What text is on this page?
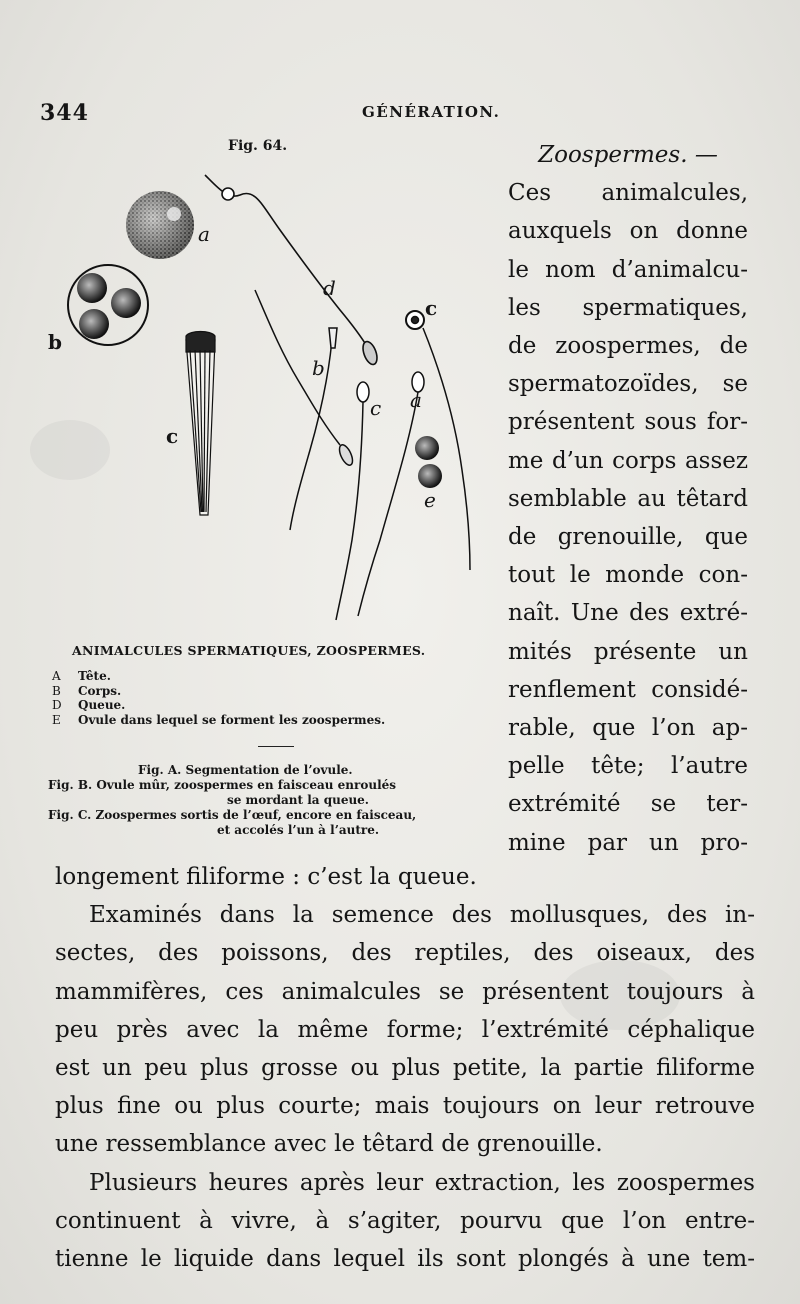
344	GÉNÉRATION.
Fig. 64.
a
b
c
d
b
c
c
a
e
ANIMALCULES SPERMATIQUES, ZOOSPERMES.
A	Tête.
B	Corps.
D	Queue.
E	Ovule dans lequel se forment les zoospermes.
Fig. A. Segmentation de l’ovule.
Fig. B. Ovule mûr, zoospermes en faisceau enroulés
se mordant la queue.
Fig. C. Zoospermes sortis de l’œuf, encore en faisceau,
et accolés l’un à l’autre.
Zoospermes. —
Ces animalcules,
auxquels on donne
le nom d’animalcu-
les spermatiques,
de zoospermes, de
spermatozoïdes, se
présentent sous for-
me d’un corps assez
semblable au têtard
de grenouille, que
tout le monde con-
naît. Une des extré-
mités présente un
renflement considé-
rable, que l’on ap-
pelle tête; l’autre
extrémité se ter-
mine par un pro-
longement filiforme : c’est la queue.
Examinés dans la semence des mollusques, des in-
sectes, des poissons, des reptiles, des oiseaux, des
mammifères, ces animalcules se présentent toujours à
peu près avec la même forme; l’extrémité céphalique
est un peu plus grosse ou plus petite, la partie filiforme
plus fine ou plus courte; mais toujours on leur retrouve
une ressemblance avec le têtard de grenouille.
Plusieurs heures après leur extraction, les zoospermes
continuent à vivre, à s’agiter, pourvu que l’on entre-
tienne le liquide dans lequel ils sont plongés à une tem-
